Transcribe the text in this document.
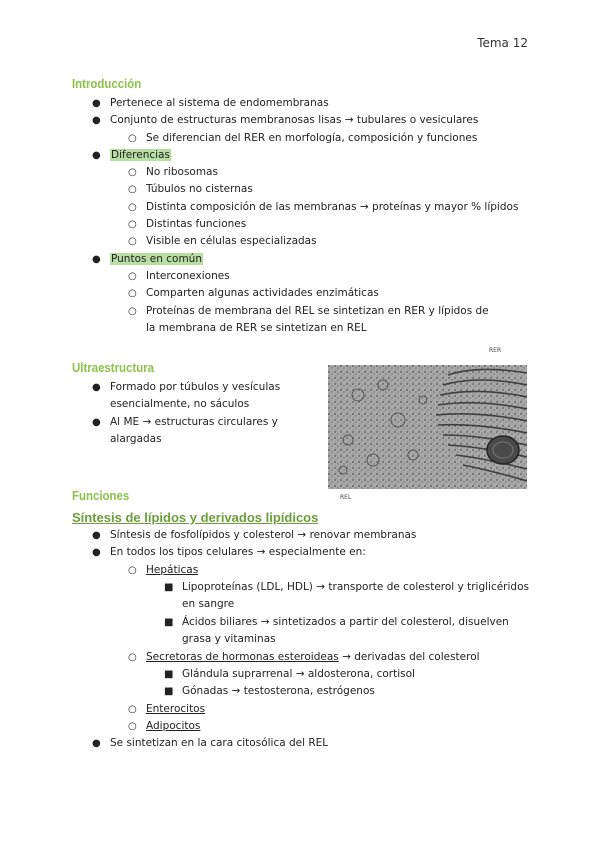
Tema 12
Introducción
● Pertenece al sistema de endomembranas
● Conjunto de estructuras membranosas lisas → tubulares o vesiculares
○ Se diferencian del RER en morfología, composición y funciones
● Diferencias
○ No ribosomas
○ Túbulos no cisternas
○ Distinta composición de las membranas → proteínas y mayor % lípidos
○ Distintas funciones
○ Visible en células especializadas
● Puntos en común
○ Interconexiones
○ Comparten algunas actividades enzimáticas
○ Proteínas de membrana del REL se sintetizan en RER y lípidos de la membrana de RER se sintetizan en REL
Ultraestructura
● Formado por túbulos y vesículas esencialmente, no sáculos
● Al ME → estructuras circulares y alargadas
RER
REL
Funciones
Síntesis de lípidos y derivados lipídicos
● Síntesis de fosfolípidos y colesterol → renovar membranas
● En todos los tipos celulares → especialmente en:
○ Hepáticas
■ Lipoproteínas (LDL, HDL) → transporte de colesterol y triglicéridos en sangre
■ Ácidos biliares → sintetizados a partir del colesterol, disuelven grasa y vitaminas
○ Secretoras de hormonas esteroideas → derivadas del colesterol
■ Glándula suprarrenal → aldosterona, cortisol
■ Gónadas → testosterona, estrógenos
○ Enterocitos
○ Adipocitos
● Se sintetizan en la cara citosólica del REL
